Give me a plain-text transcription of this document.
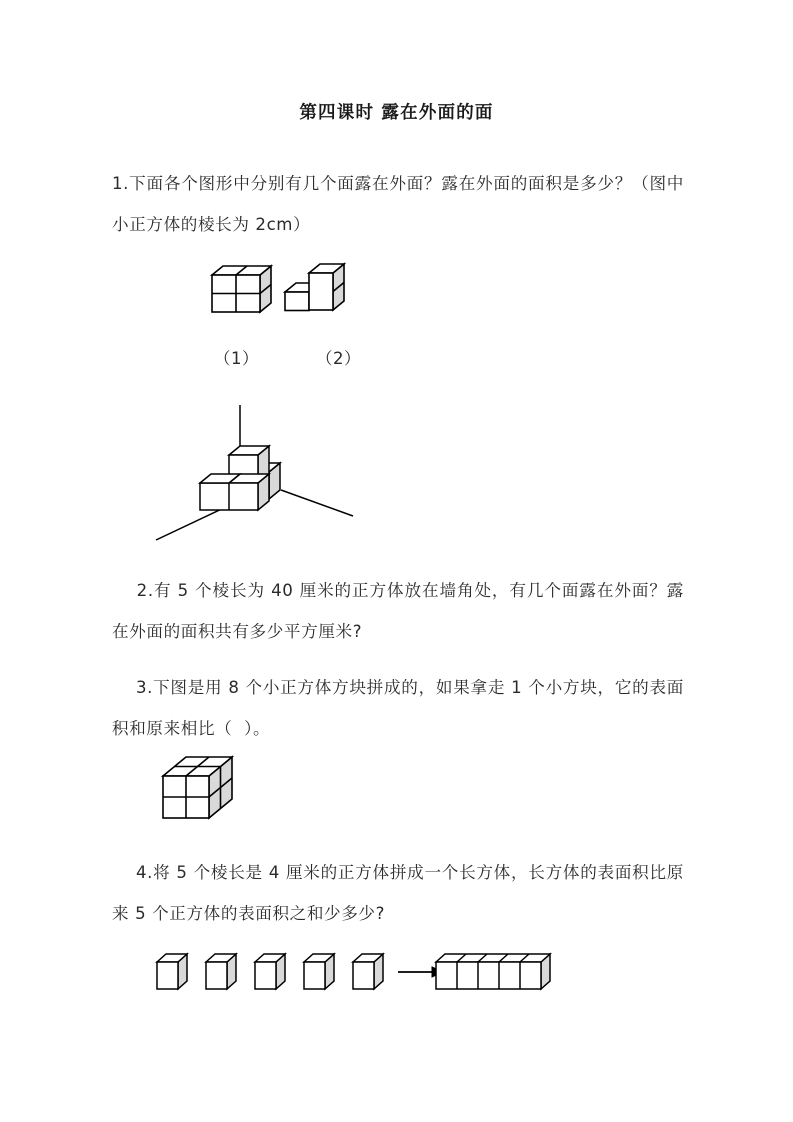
第四课时 露在外面的面
1.下面各个图形中分别有几个面露在外面？露在外面的面积是多少？（图中小正方体的棱长为 2cm）
（1）	（2）
2.有 5 个棱长为 40 厘米的正方体放在墙角处，有几个面露在外面？露在外面的面积共有多少平方厘米?
3.下图是用 8 个小正方体方块拼成的，如果拿走 1 个小方块，它的表面积和原来相比（  ）。
4.将 5 个棱长是 4 厘米的正方体拼成一个长方体，长方体的表面积比原来 5 个正方体的表面积之和少多少?
